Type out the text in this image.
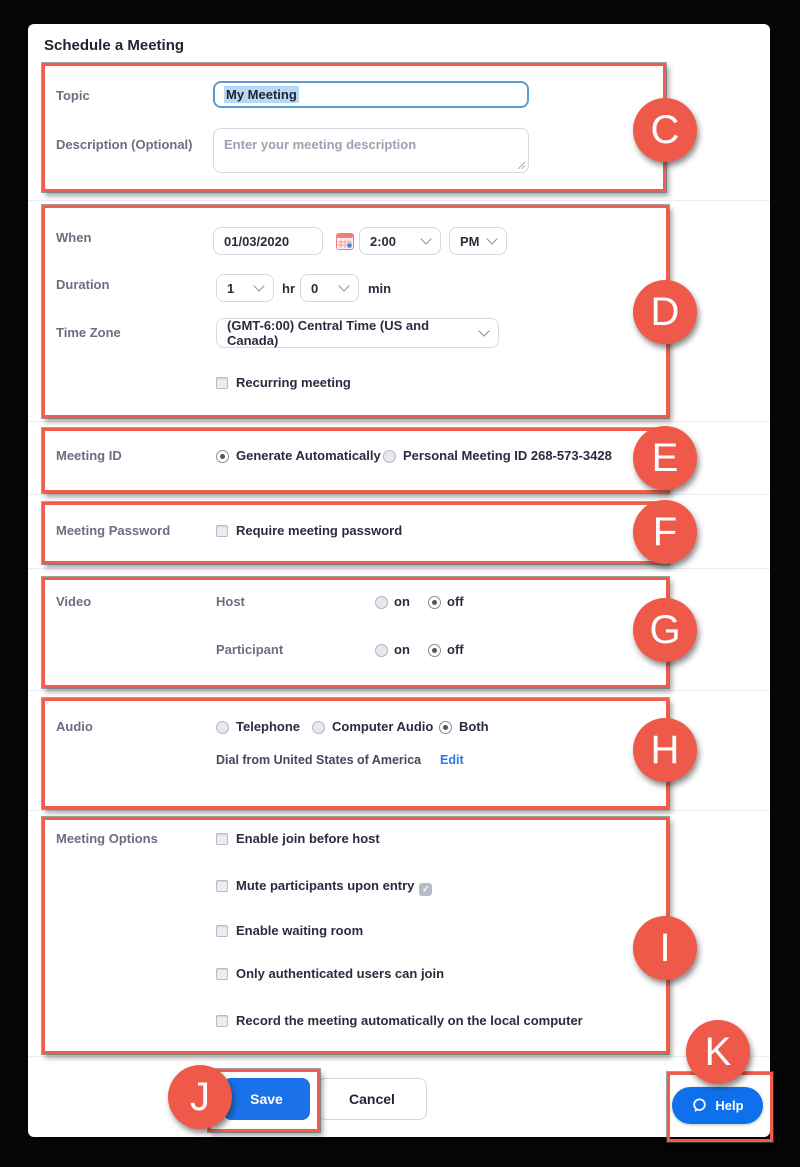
Schedule a Meeting
Topic	My Meeting
Description (Optional)	Enter your meeting description
When	01/03/2020	2:00	PM
Duration	1	hr 0	min
Time Zone	(GMT-6:00) Central Time (US and Canada)
Recurring meeting
Meeting ID	Generate Automatically Personal Meeting ID 268-573-3428
Meeting Password	Require meeting password
Video	Host	on	off
Participant	on	off
Audio	Telephone Computer Audio Both
Dial from United States of America Edit
Meeting Options	Enable join before host
Mute participants upon entry ✓
Enable waiting room
Only authenticated users can join
Record the meeting automatically on the local computer
Save	Cancel	Help
C
D
E
F
G
H
I
J
K
